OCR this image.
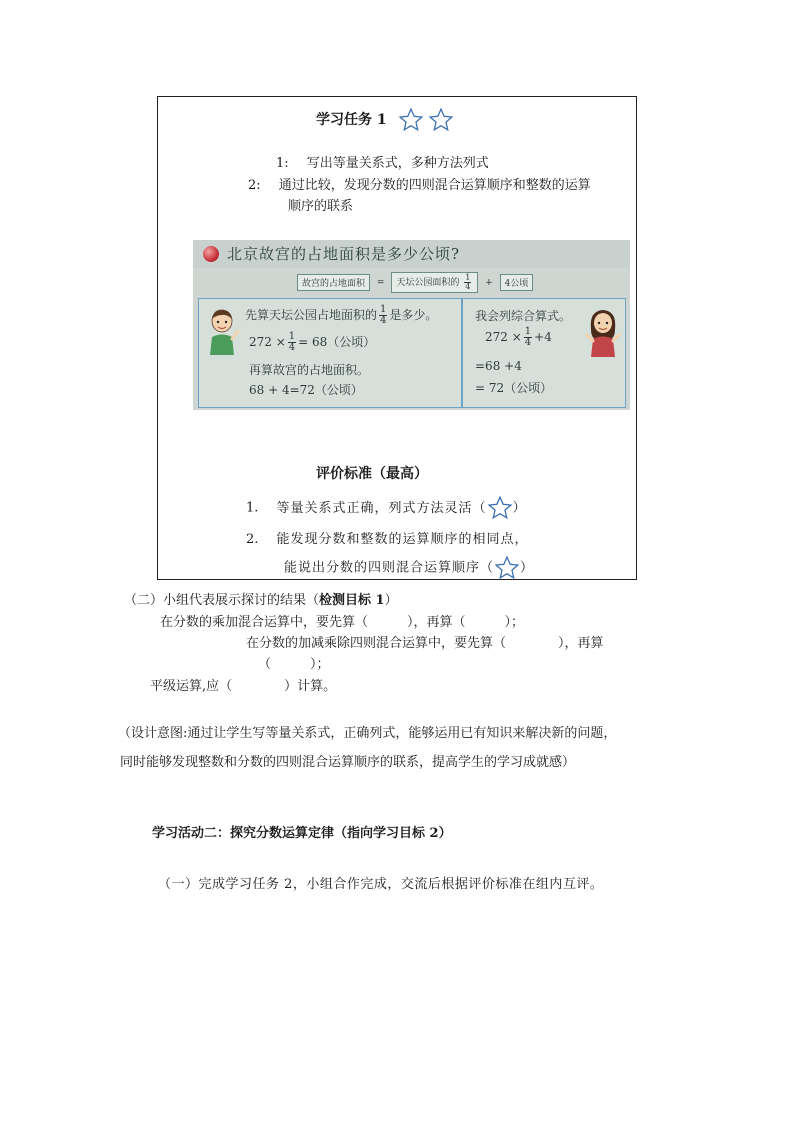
学习任务 1
1: 写出等量关系式，多种方法列式
2: 通过比较，发现分数的四则混合运算顺序和整数的运算
顺序的联系
北京故宫的占地面积是多少公顷?
故宫的占地面积 = 天坛公园面积的 $\frac{1}{4} + 4$公顷
先算天坛公园占地面积的 $\frac{1}{4}$ 是多少。
$272 \times \frac{1}{4} = 68$（公顷）
再算故宫的占地面积。
68 + 4=72（公顷）
我会列综合算式。
$272 \times \frac{1}{4} +4$
=68 +4
= 72（公顷）
评价标准（最高）
1. 等量关系式正确，列式方法灵活（ ）
2. 能发现分数和整数的运算顺序的相同点，
能说出分数的四则混合运算顺序（ ）
（二）小组代表展示探讨的结果（检测目标 1）
在分数的乘加混合运算中，要先算（　　　），再算（　　　）；
在分数的加减乘除四则混合运算中，要先算（　　　　），再算
（　　　）；
平级运算,应（　　　　）计算。
（设计意图:通过让学生写等量关系式，正确列式，能够运用已有知识来解决新的问题，
同时能够发现整数和分数的四则混合运算顺序的联系，提高学生的学习成就感）
学习活动二：探究分数运算定律（指向学习目标 2）
（一）完成学习任务 2，小组合作完成，交流后根据评价标准在组内互评。
